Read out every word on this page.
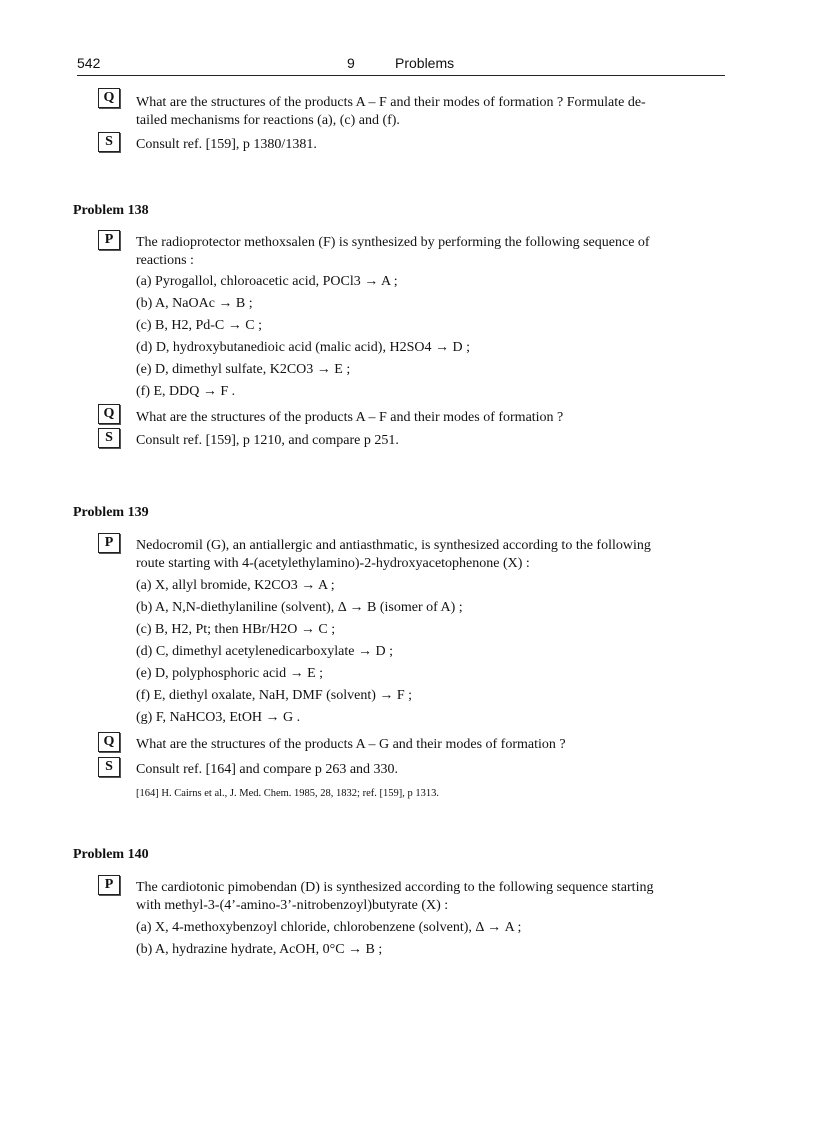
542	9	Problems
Q	What are the structures of the products A – F and their modes of formation ? Formulate de-
tailed mechanisms for reactions (a), (c) and (f).
S	Consult ref. [159], p 1380/1381.
Problem 138
P	The radioprotector methoxsalen (F) is synthesized by performing the following sequence of
reactions :
(a) Pyrogallol, chloroacetic acid, POCl3 → A ;
(b) A, NaOAc → B ;
(c) B, H2, Pd-C → C ;
(d) D, hydroxybutanedioic acid (malic acid), H2SO4 → D ;
(e) D, dimethyl sulfate, K2CO3 → E ;
(f) E, DDQ → F .
Q	What are the structures of the products A – F and their modes of formation ?
S	Consult ref. [159], p 1210, and compare p 251.
Problem 139
P	Nedocromil (G), an antiallergic and antiasthmatic, is synthesized according to the following
route starting with 4-(acetylethylamino)-2-hydroxyacetophenone (X) :
(a) X, allyl bromide, K2CO3 → A ;
(b) A, N,N-diethylaniline (solvent), Δ → B (isomer of A) ;
(c) B, H2, Pt; then HBr/H2O → C ;
(d) C, dimethyl acetylenedicarboxylate → D ;
(e) D, polyphosphoric acid → E ;
(f) E, diethyl oxalate, NaH, DMF (solvent) → F ;
(g) F, NaHCO3, EtOH → G .
Q	What are the structures of the products A – G and their modes of formation ?
S	Consult ref. [164] and compare p 263 and 330.
[164] H. Cairns et al., J. Med. Chem. 1985, 28, 1832; ref. [159], p 1313.
Problem 140
P	The cardiotonic pimobendan (D) is synthesized according to the following sequence starting
with methyl-3-(4’-amino-3’-nitrobenzoyl)butyrate (X) :
(a) X, 4-methoxybenzoyl chloride, chlorobenzene (solvent), Δ → A ;
(b) A, hydrazine hydrate, AcOH, 0°C → B ;
